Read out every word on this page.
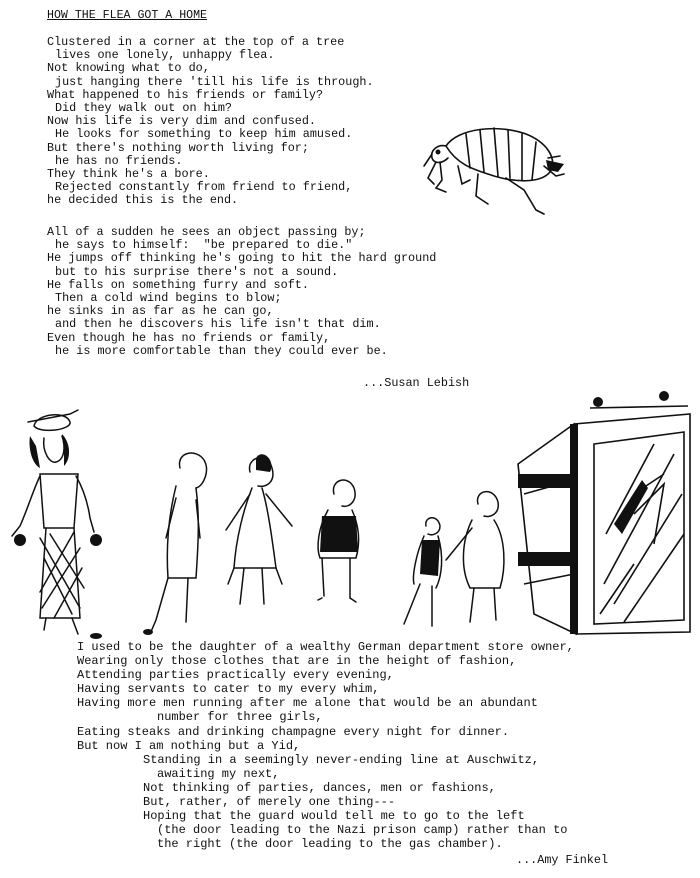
HOW THE FLEA GOT A HOME
Clustered in a corner at the top of a tree
lives one lonely, unhappy flea.
Not knowing what to do,
just hanging there 'till his life is through.
What happened to his friends or family?
Did they walk out on him?
Now his life is very dim and confused.
He looks for something to keep him amused.
But there's nothing worth living for;
he has no friends.
They think he's a bore.
Rejected constantly from friend to friend,
he decided this is the end.
All of a sudden he sees an object passing by;
he says to himself:  "be prepared to die."
He jumps off thinking he's going to hit the hard ground
but to his surprise there's not a sound.
He falls on something furry and soft.
Then a cold wind begins to blow;
he sinks in as far as he can go,
and then he discovers his life isn't that dim.
Even though he has no friends or family,
he is more comfortable than they could ever be.
...Susan Lebish
I used to be the daughter of a wealthy German department store owner,
Wearing only those clothes that are in the height of fashion,
Attending parties practically every evening,
Having servants to cater to my every whim,
Having more men running after me alone that would be an abundant
number for three girls,
Eating steaks and drinking champagne every night for dinner.
But now I am nothing but a Yid,
Standing in a seemingly never-ending line at Auschwitz,
awaiting my next,
Not thinking of parties, dances, men or fashions,
But, rather, of merely one thing---
Hoping that the guard would tell me to go to the left
(the door leading to the Nazi prison camp) rather than to
the right (the door leading to the gas chamber).
...Amy Finkel
